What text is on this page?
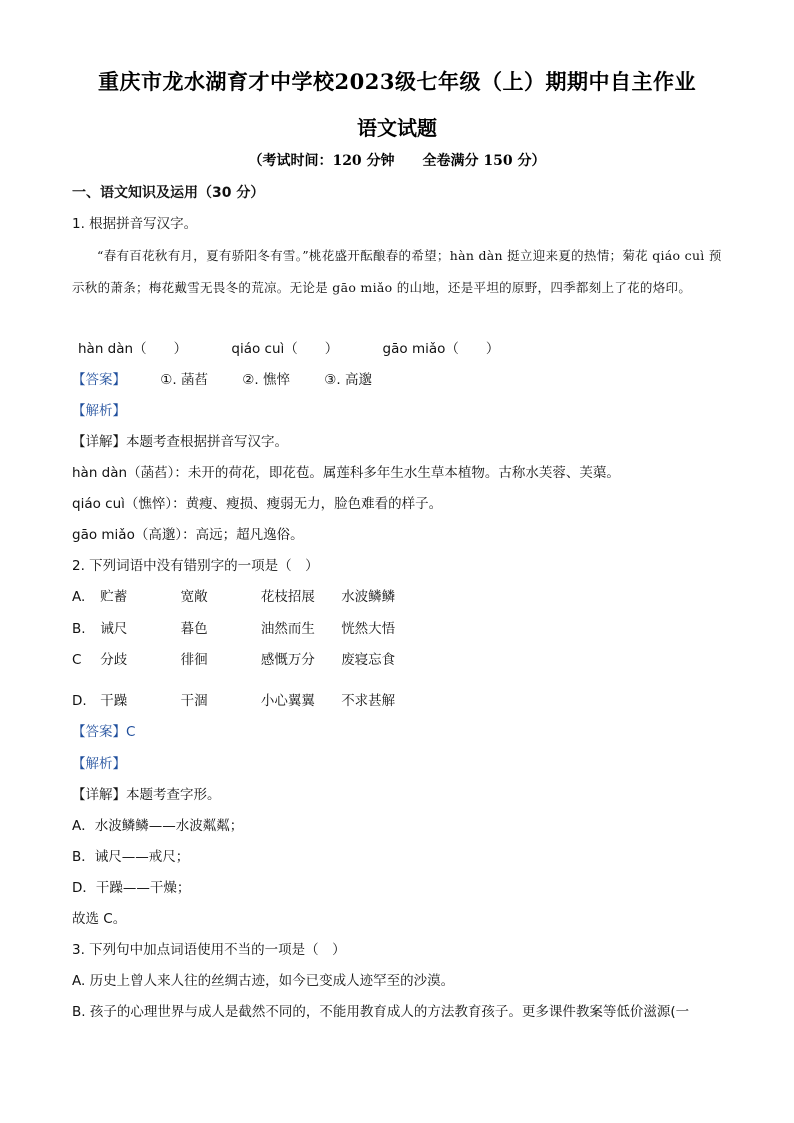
重庆市龙水湖育才中学校2023级七年级（上）期期中自主作业
语文试题
（考试时间：120 分钟　　全卷满分 150 分）
一、语文知识及运用（30 分）
1. 根据拼音写汉字。

“春有百花秋有月，夏有骄阳冬有雪。”桃花盛开酝酿春的希望；hàn dàn 挺立迎来夏的热情；菊花 qiáo cuì 预示秋的萧条；梅花戴雪无畏冬的荒凉。无论是 gāo miǎo 的山地，还是平坦的原野，四季都刻上了花的烙印。

hàn dàn（　　）	qiáo cuì（　　）	gāo miǎo（　　）
【答案】	①. 菡萏	②. 憔悴	③. 高邈
【解析】
【详解】本题考查根据拼音写汉字。
hàn dàn（菡萏）：未开的荷花，即花苞。属莲科多年生水生草本植物。古称水芙蓉、芙蕖。
qiáo cuì（憔悴）：黄瘦、瘦损、瘦弱无力，脸色难看的样子。
gāo miǎo（高邈）：高远；超凡逸俗。
2. 下列词语中没有错别字的一项是（　）
A. 贮蓄	宽敞	花枝招展 水波鳞鳞
B. 诫尺	暮色	油然而生 恍然大悟
C 分歧	徘徊	感慨万分 废寝忘食
D. 干躁	干涸	小心翼翼 不求甚解
【答案】C
【解析】
【详解】本题考查字形。
A．水波鳞鳞——水波粼粼；
B．诫尺——戒尺；
D．干躁——干燥；
故选 C。
3. 下列句中加点词语使用不当的一项是（　）
A. 历史上曾人来人往的丝绸古迹，如今已变成人迹罕至的沙漠。
B. 孩子的心理世界与成人是截然不同的，不能用教育成人的方法教育孩子。更多课件教案等低价滋源(一
